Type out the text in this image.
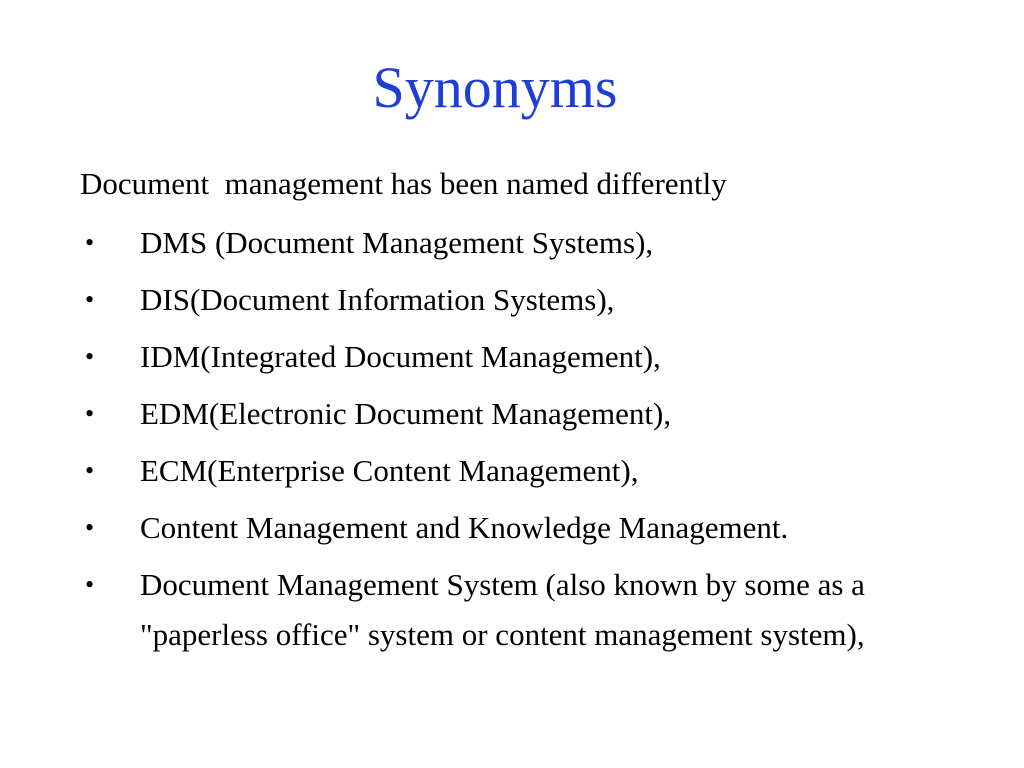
Synonyms
Document  management has been named differently
•	DMS (Document Management Systems),
•	DIS(Document Information Systems),
•	IDM(Integrated Document Management),
•	EDM(Electronic Document Management),
•	ECM(Enterprise Content Management),
•	Content Management and Knowledge Management.
•	Document Management System (also known by some as a "paperless office" system or content management system),
